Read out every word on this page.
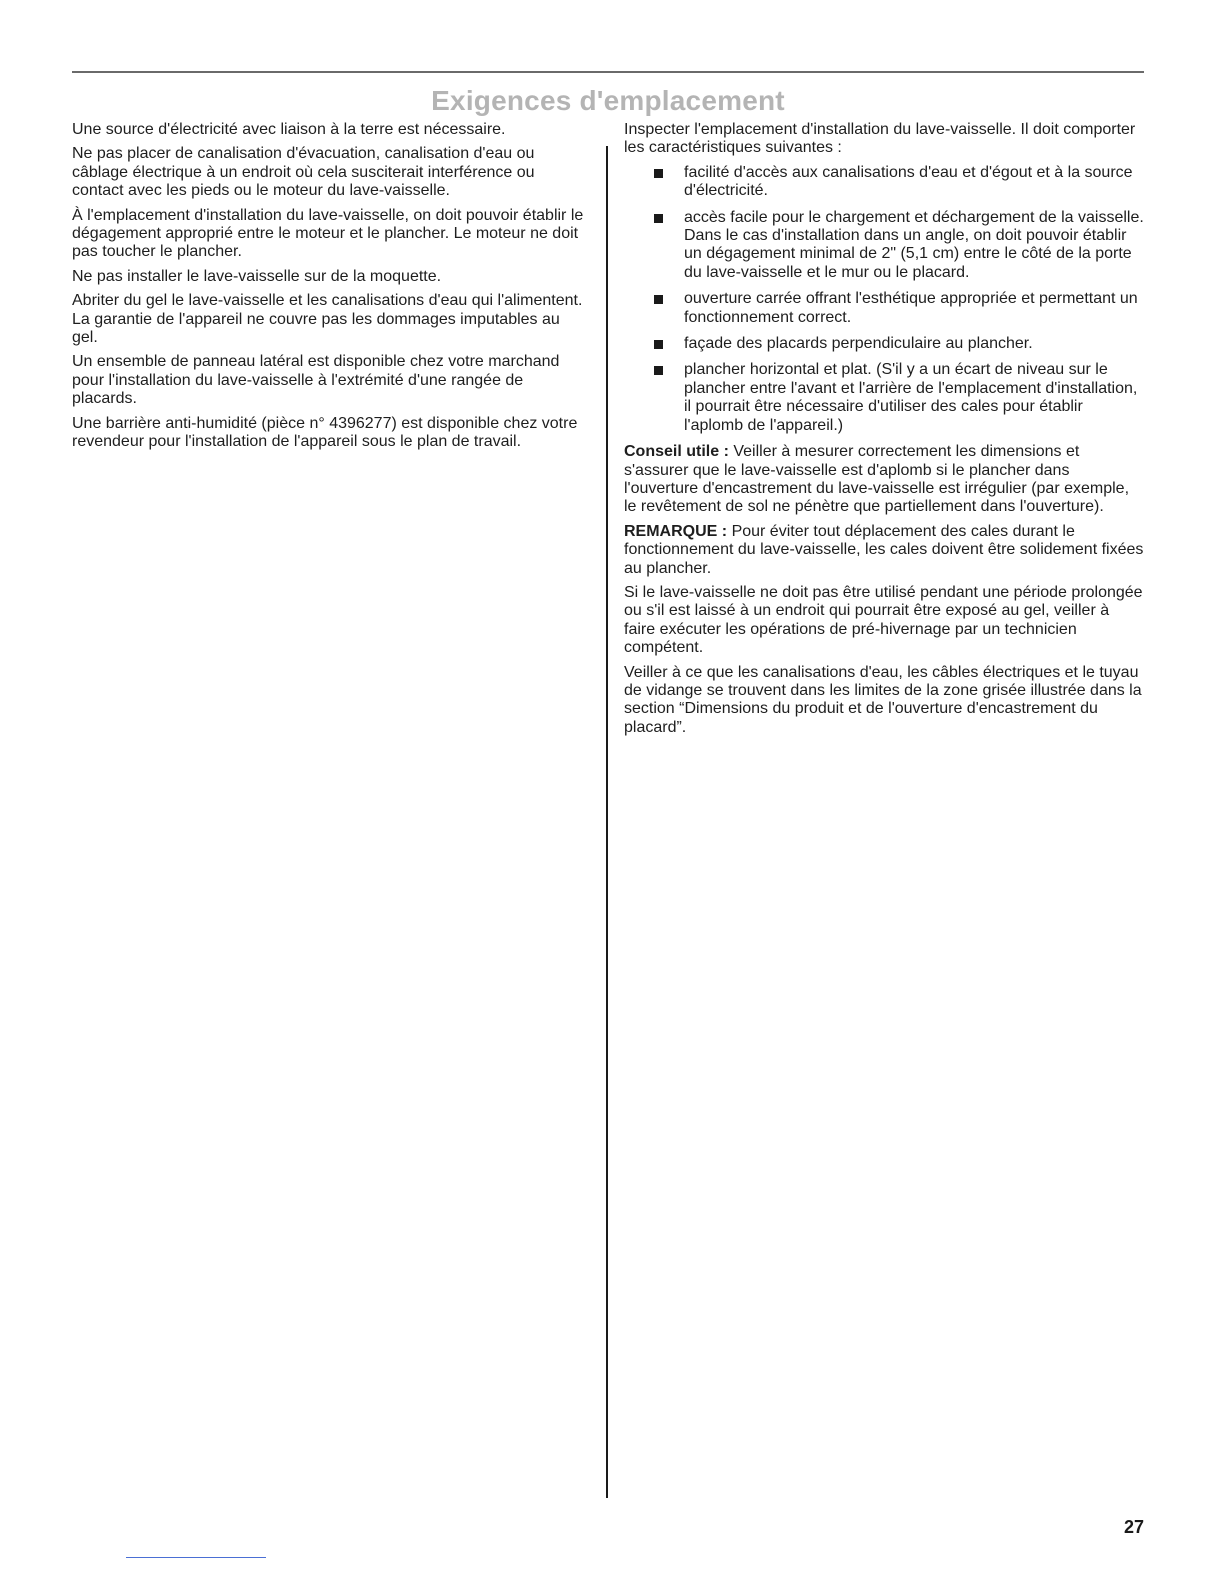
Exigences d'emplacement

Une source d'électricité avec liaison à la terre est nécessaire.

Ne pas placer de canalisation d'évacuation, canalisation d'eau ou câblage électrique à un endroit où cela susciterait interférence ou contact avec les pieds ou le moteur du lave-vaisselle.

À l'emplacement d'installation du lave-vaisselle, on doit pouvoir établir le dégagement approprié entre le moteur et le plancher. Le moteur ne doit pas toucher le plancher.

Ne pas installer le lave-vaisselle sur de la moquette.

Abriter du gel le lave-vaisselle et les canalisations d'eau qui l'alimentent. La garantie de l'appareil ne couvre pas les dommages imputables au gel.

Un ensemble de panneau latéral est disponible chez votre marchand pour l'installation du lave-vaisselle à l'extrémité d'une rangée de placards.

Une barrière anti-humidité (pièce n° 4396277) est disponible chez votre revendeur pour l'installation de l'appareil sous le plan de travail.

Inspecter l'emplacement d'installation du lave-vaisselle. Il doit comporter les caractéristiques suivantes :

facilité d'accès aux canalisations d'eau et d'égout et à la source d'électricité.
accès facile pour le chargement et déchargement de la vaisselle. Dans le cas d'installation dans un angle, on doit pouvoir établir un dégagement minimal de 2" (5,1 cm) entre le côté de la porte du lave-vaisselle et le mur ou le placard.
ouverture carrée offrant l'esthétique appropriée et permettant un fonctionnement correct.
façade des placards perpendiculaire au plancher.
plancher horizontal et plat. (S'il y a un écart de niveau sur le plancher entre l'avant et l'arrière de l'emplacement d'installation, il pourrait être nécessaire d'utiliser des cales pour établir l'aplomb de l'appareil.)

Conseil utile : Veiller à mesurer correctement les dimensions et s'assurer que le lave-vaisselle est d'aplomb si le plancher dans l'ouverture d'encastrement du lave-vaisselle est irrégulier (par exemple, le revêtement de sol ne pénètre que partiellement dans l'ouverture).

REMARQUE : Pour éviter tout déplacement des cales durant le fonctionnement du lave-vaisselle, les cales doivent être solidement fixées au plancher.

Si le lave-vaisselle ne doit pas être utilisé pendant une période prolongée ou s'il est laissé à un endroit qui pourrait être exposé au gel, veiller à faire exécuter les opérations de pré-hivernage par un technicien compétent.

Veiller à ce que les canalisations d'eau, les câbles électriques et le tuyau de vidange se trouvent dans les limites de la zone grisée illustrée dans la section “Dimensions du produit et de l'ouverture d'encastrement du placard”.

27
